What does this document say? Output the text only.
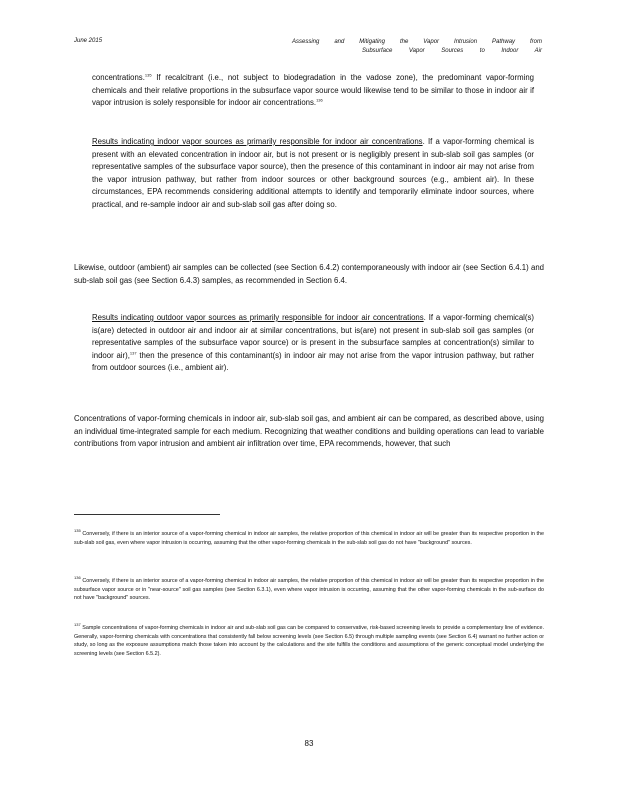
June 2015	Assessing and Mitigating the Vapor Intrusion Pathway from
Subsurface Vapor Sources to Indoor Air

concentrations.$^{135}$ If recalcitrant (i.e., not subject to biodegradation in the vadose zone), the predominant vapor-forming chemicals and their relative proportions in the subsurface vapor source would likewise tend to be similar to those in indoor air if vapor intrusion is solely responsible for indoor air concentrations.$^{136}$

Results indicating indoor vapor sources as primarily responsible for indoor air concentrations. If a vapor-forming chemical is present with an elevated concentration in indoor air, but is not present or is negligibly present in sub-slab soil gas samples (or representative samples of the subsurface vapor source), then the presence of this contaminant in indoor air may not arise from the vapor intrusion pathway, but rather from indoor sources or other background sources (e.g., ambient air). In these circumstances, EPA recommends considering additional attempts to identify and temporarily eliminate indoor sources, where practical, and re-sample indoor air and sub-slab soil gas after doing so.

Likewise, outdoor (ambient) air samples can be collected (see Section 6.4.2) contemporaneously with indoor air (see Section 6.4.1) and sub-slab soil gas (see Section 6.4.3) samples, as recommended in Section 6.4.

Results indicating outdoor vapor sources as primarily responsible for indoor air concentrations. If a vapor-forming chemical(s) is(are) detected in outdoor air and indoor air at similar concentrations, but is(are) not present in sub-slab soil gas samples (or representative samples of the subsurface vapor source) or is present in the subsurface samples at concentration(s) similar to indoor air),$^{137}$ then the presence of this contaminant(s) in indoor air may not arise from the vapor intrusion pathway, but rather from outdoor sources (i.e., ambient air).

Concentrations of vapor-forming chemicals in indoor air, sub-slab soil gas, and ambient air can be compared, as described above, using an individual time-integrated sample for each medium. Recognizing that weather conditions and building operations can lead to variable contributions from vapor intrusion and ambient air infiltration over time, EPA recommends, however, that such

$^{135}$ Conversely, if there is an interior source of a vapor-forming chemical in indoor air samples, the relative proportion of this chemical in indoor air will be greater than its respective proportion in the sub-slab soil gas, even where vapor intrusion is occurring, assuming that the other vapor-forming chemicals in the sub-slab soil gas do not have "background" sources.

$^{136}$ Conversely, if there is an interior source of a vapor-forming chemical in indoor air samples, the relative proportion of this chemical in indoor air will be greater than its respective proportion in the subsurface vapor source or in "near-source" soil gas samples (see Section 6.3.1), even where vapor intrusion is occurring, assuming that the other vapor-forming chemicals in the sub-surface do not have "background" sources.

$^{137}$ Sample concentrations of vapor-forming chemicals in indoor air and sub-slab soil gas can be compared to conservative, risk-based screening levels to provide a complementary line of evidence. Generally, vapor-forming chemicals with concentrations that consistently fall below screening levels (see Section 6.5) through multiple sampling events (see Section 6.4) warrant no further action or study, so long as the exposure assumptions match those taken into account by the calculations and the site fulfills the conditions and assumptions of the generic conceptual model underlying the screening levels (see Section 6.5.2).

83
